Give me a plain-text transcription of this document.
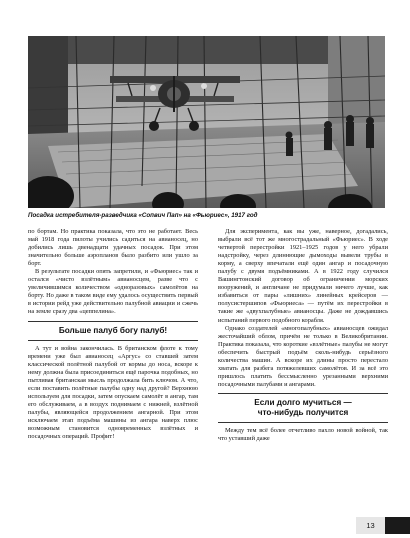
Посадка истребителя-разведчика «Сопвич Пап» на «Фьюриес», 1917 год

по бортам. Но практика показала, что это не работает. Весь май 1918 года пилоты учились садиться на авианосец, но добились лишь двенадцати удачных посадок. При этом значительно больше аэропланов было разбито или ушло за борт.

В результате посадки опять запретили, и «Фьюриес» так и остался «чисто взлётным» авианосцем, разве что с увеличившимся количеством «одноразовых» самолётов на борту. Но даже в таком виде ему удалось осуществить первый в истории рейд уже действительно палубной авиации и сжечь на земле сразу два «цеппелина».

Больше палуб богу палуб!

А тут и война закончилась. В британском флоте к тому времени уже был авианосец «Аргус» со ставшей затем классической полётной палубой от кормы до носа, вскоре к нему должна была присоединиться ещё парочка подобных, но пытливая британская мысль продолжала бить ключом. А что, если поставить полётные палубы одну над другой? Верхнюю используем для посадки, затем опускаем самолёт в ангар, там его обслуживаем, а в воздух поднимаем с нижней, взлётной палубы, являющейся продолжением ангарной. При этом исключаем этап подъёма машины из ангара наверх плюс возможным становится одновременных взлётных и посадочных операций. Профит!

Для эксперимента, как вы уже, наверное, догадались, выбрали всё тот же многострадальный «Фьюриес». В ходе четвертой перестройки 1921–1925 годов у него убрали надстройку, через длиннющие дымоходы вывели трубы в корму, а сверху впечатали ещё один ангар и посадочную палубу с двумя подъёмниками. А в 1922 году случился Вашингтонский договор об ограничении морских вооружений, и англичане не придумали ничего лучше, как избавиться от пары «лишних» линейных крейсеров — полусистершипов «Фьюриеса» — путём их перестройки в такие же «двухпалубные» авианосцы. Даже не дождавшись испытаний первого подобного корабля.

Однако создателей «многопалубных» авианосцев ожидал жесточайший облом, причём не только в Великобритании. Практика показала, что короткие «взлётные» палубы не могут обеспечить быстрый подъём сколь-нибудь серьёзного количества машин. А вскоре их длины просто перестало хватать для разбега потяжелевших самолётов. И за всё это пришлось платить бессмысленно урезанными верхними посадочными палубами и ангарами.

Если долго мучиться —
что-нибудь получится

Между тем всё более отчетливо пахло новой войной, так что уставший даже

13
